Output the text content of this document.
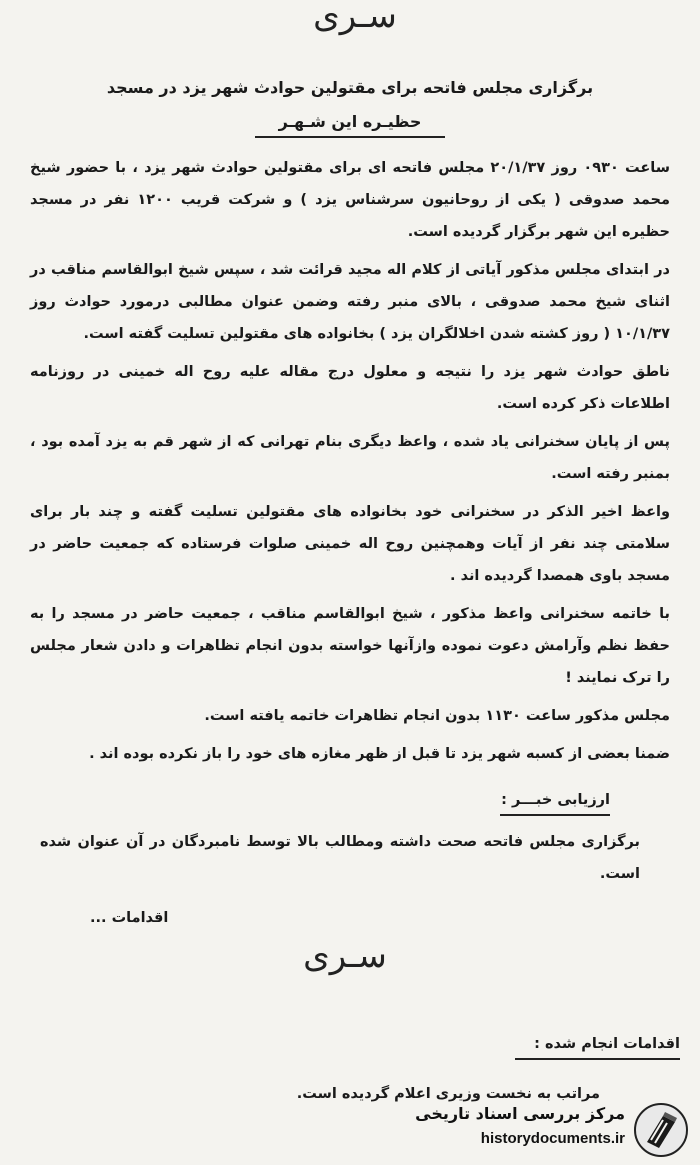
سـری
برگزاری مجلس فاتحه برای مقتولین حوادث شهر یزد در مسجد
حظیـره این شـهـر

ساعت ۰۹۳۰ روز ۲۰/۱/۳۷ مجلس فاتحه ای برای مقتولین حوادث شهر یزد ، با حضور شیخ محمد صدوقی ( یکی از روحانیون سرشناس یزد ) و شرکت قریب ۱۲۰۰ نفر در مسجد حظیره این شهر برگزار گردیده است.

در ابتدای مجلس مذکور آیاتی از کلام اله مجید قرائت شد ، سپس شیخ ابوالقاسم مناقب در اثنای شیخ محمد صدوقی ، بالای منبر رفته وضمن عنوان مطالبی درمورد حوادث روز ۱۰/۱/۳۷ ( روز کشته شدن اخلالگران یزد ) بخانواده های مقتولین تسلیت گفته است.

ناطق حوادث شهر یزد را نتیجه و معلول درج مقاله علیه روح اله خمینی در روزنامه اطلاعات ذکر کرده است.

پس از پایان سخنرانی یاد شده ، واعظ دیگری بنام تهرانی که از شهر قم به یزد آمده بود ، بمنبر رفته است.

واعظ اخیر الذکر در سخنرانی خود بخانواده های مقتولین تسلیت گفته و چند بار برای سلامتی چند نفر از آیات وهمچنین روح اله خمینی صلوات فرستاده که جمعیت حاضر در مسجد باوی همصدا گردیده اند .

با خاتمه سخنرانی واعظ مذکور ، شیخ ابوالقاسم مناقب ، جمعیت حاضر در مسجد را به حفظ نظم وآرامش دعوت نموده وازآنها خواسته بدون انجام تظاهرات و دادن شعار مجلس را ترک نمایند !

مجلس مذکور ساعت ۱۱۳۰ بدون انجام تظاهرات خاتمه یافته است.

ضمنا بعضی از کسبه شهر یزد تا قبل از ظهر مغازه های خود را باز نکرده بوده اند .

ارزیابی خبـــر :
برگزاری مجلس فاتحه صحت داشته ومطالب بالا توسط نامبردگان در آن عنوان شده است.
اقدامات ...
سـری
اقدامات انجام شده :
مراتب به نخست وزیری اعلام گردیده است.
مرکز بررسی اسناد تاریخی
historydocuments.ir
